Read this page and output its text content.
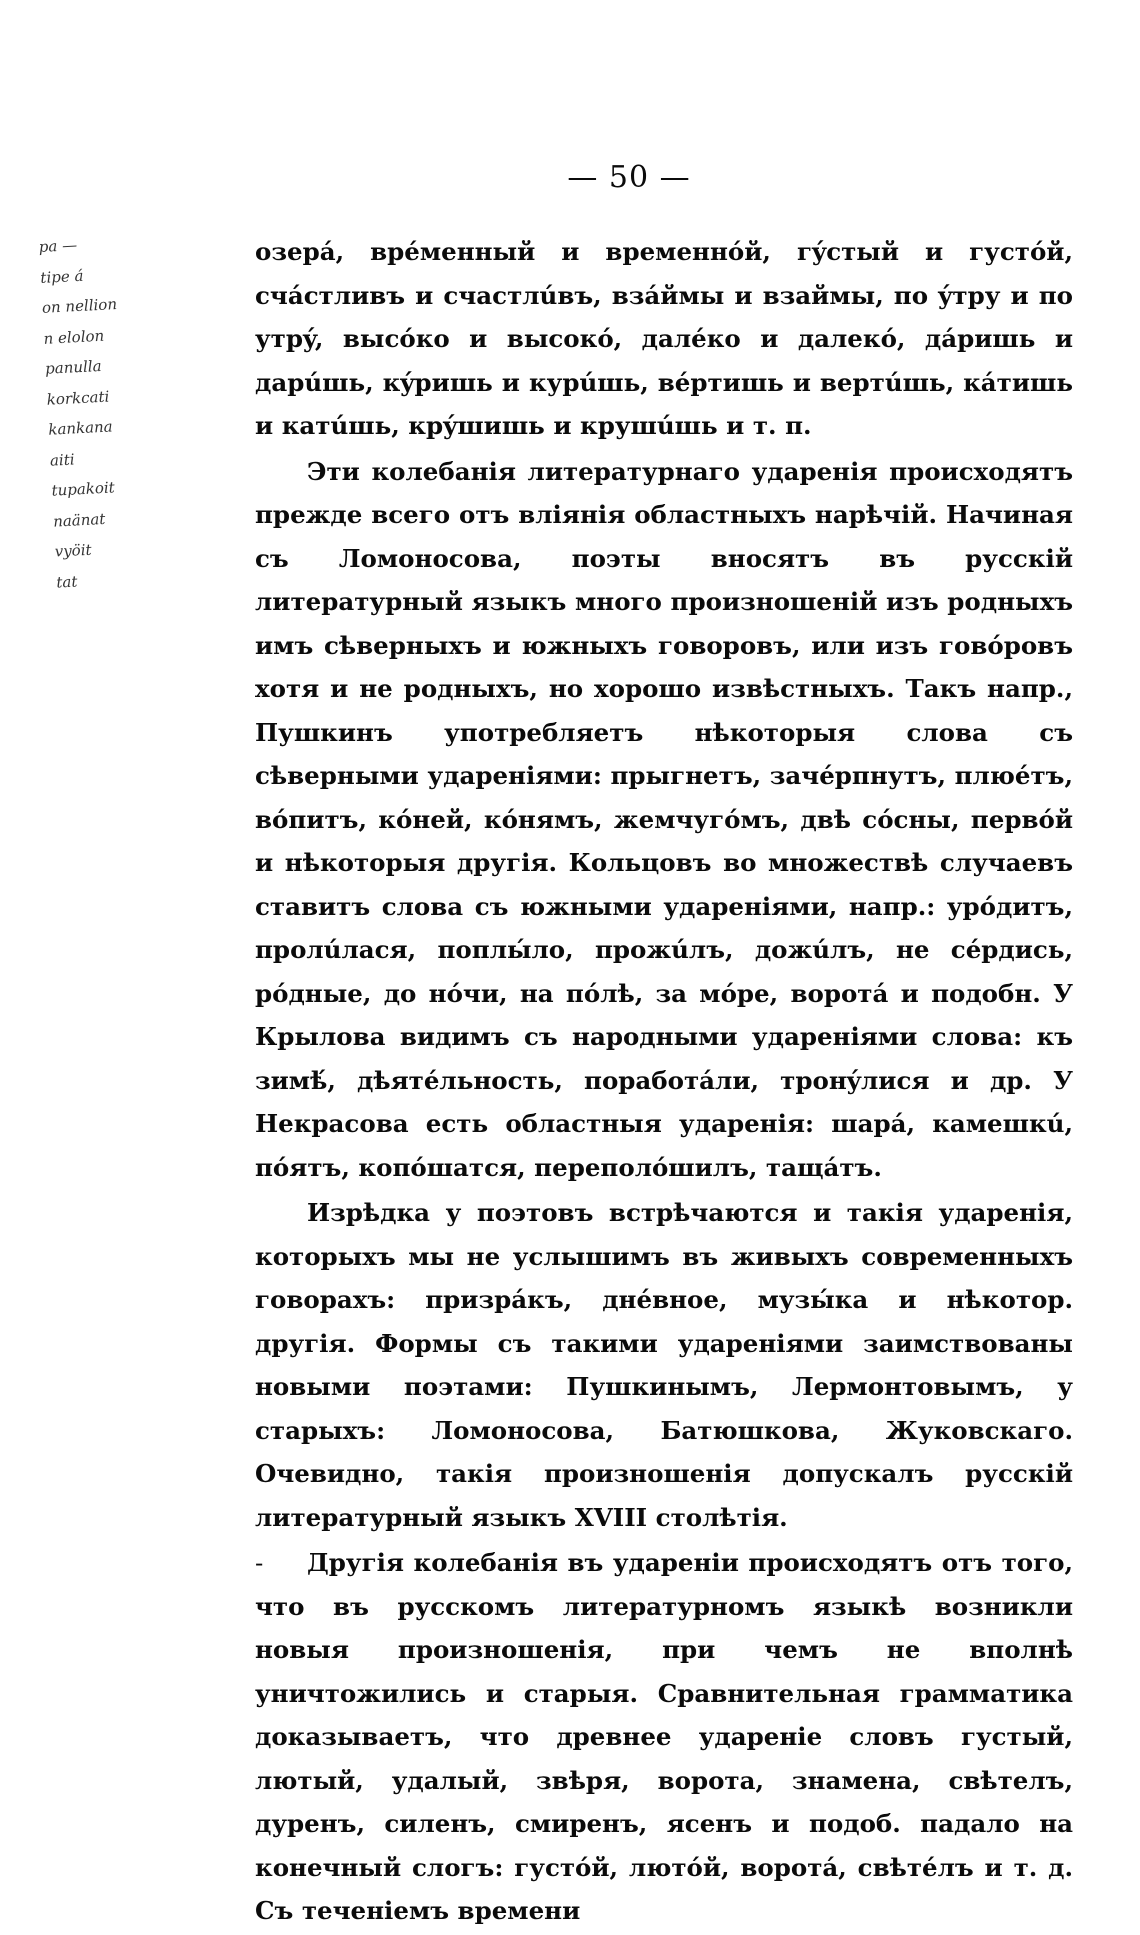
— 50 —
ра —
tipe á
on nellion
n elolon
panulla
korkcati
kankana
aiti
tupakoit
naänat
vyöit
tat

озерá, врéменный и временнóй, гýстый и густóй, счáстливъ и счастлúвъ, взáймы и взаймы, по ýтру и по утрý, высóко и высокó, далéко и далекó, дáришь и дарúшь, кýришь и курúшь, вéртишь и вертúшь, кáтишь и катúшь, крýшишь и крушúшь и т. п.

Эти колебанія литературнаго ударенія происходятъ прежде всего отъ вліянія областныхъ нарѣчій. Начиная съ Ломоносова, поэты вносятъ въ русскій литературный языкъ много произношеній изъ родныхъ имъ сѣверныхъ и южныхъ говоровъ, или изъ говóровъ хотя и не родныхъ, но хорошо извѣстныхъ. Такъ напр., Пушкинъ употребляетъ нѣкоторыя слова съ сѣверными удареніями: прыгнетъ, зачéрпнутъ, плюéтъ, вóпитъ, кóней, кóнямъ, жемчугóмъ, двѣ сóсны, первóй и нѣкоторыя другія. Кольцовъ во множествѣ случаевъ ставитъ слова съ южными удареніями, напр.: урóдитъ, пролúлася, поплы́ло, прожúлъ, дожúлъ, не сéрдись, рóдные, до нóчи, на пóлѣ, за мóре, воротá и подобн. У Крылова видимъ съ народными удареніями слова: къ зимѣ́, дѣятéльность, поработáли, тронýлися и др. У Некрасова есть областныя ударенія: шарá, камешкú, пóятъ, копóшатся, переполóшилъ, тащáтъ.

Изрѣдка у поэтовъ встрѣчаются и такія ударенія, которыхъ мы не услышимъ въ живыхъ современныхъ говорахъ: призрáкъ, днéвное, музы́ка и нѣкотор. другія. Формы съ такими удареніями заимствованы новыми поэтами: Пушкинымъ, Лермонтовымъ, у старыхъ: Ломоносова, Батюшкова, Жуковскаго. Очевидно, такія произношенія допускалъ русскій литературный языкъ XVIII столѣтія.

- Другія колебанія въ удареніи происходятъ отъ того, что въ русскомъ литературномъ языкѣ возникли новыя произношенія, при чемъ не вполнѣ уничтожились и старыя. Сравнительная грамматика доказываетъ, что древнее удареніе словъ густый, лютый, удалый, звѣря, ворота, знамена, свѣтелъ, дуренъ, силенъ, смиренъ, ясенъ и подоб. падало на конечный слогъ: густóй, лютóй, воротá, свѣтéлъ и т. д. Съ теченіемъ времени
